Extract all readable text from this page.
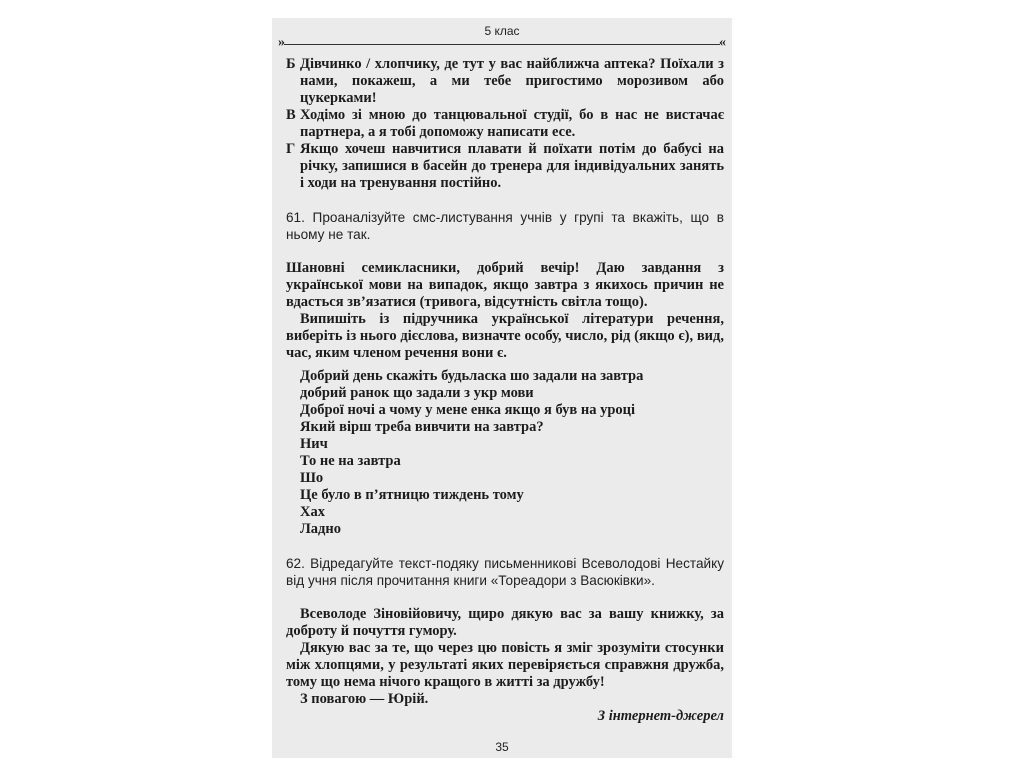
5 клас
»	«
Б Дівчинко / хлопчику, де тут у вас найближча аптека? Поїхали з нами, покажеш, а ми тебе пригостимо морозивом або цукерками!
В Ходімо зі мною до танцювальної студії, бо в нас не вистачає партнера, а я тобі допоможу написати есе.
Г Якщо хочеш навчитися плавати й поїхати потім до бабусі на річку, запишися в басейн до тренера для індивідуальних занять і ходи на тренування постійно.

61. Проаналізуйте смс-листування учнів у групі та вкажіть, що в ньому не так.

Шановні семикласники, добрий вечір! Даю завдання з української мови на випадок, якщо завтра з якихось причин не вдасться зв’язатися (тривога, відсутність світла тощо).

Випишіть із підручника української літератури речення, виберіть із нього дієслова, визначте особу, число, рід (якщо є), вид, час, яким членом речення вони є.

Добрий день скажіть будьласка шо задали на завтра
добрий ранок що задали з укр мови
Доброї ночі а чому у мене енка якщо я був на уроці
Який вірш треба вивчити на завтра?
Нич
То не на завтра
Шо
Це було в п’ятницю тиждень тому
Хах
Ладно

62. Відредагуйте текст-подяку письменникові Всеволодові Нестайку від учня після прочитання книги «Тореадори з Васюківки».

Всеволоде Зіновійовичу, щиро дякую вас за вашу книжку, за доброту й почуття гумору.

Дякую вас за те, що через цю повість я зміг зрозуміти стосунки між хлопцями, у результаті яких перевіряється справжня дружба, тому що нема нічого кращого в житті за дружбу!

З повагою — Юрій.

З інтернет-джерел

35
